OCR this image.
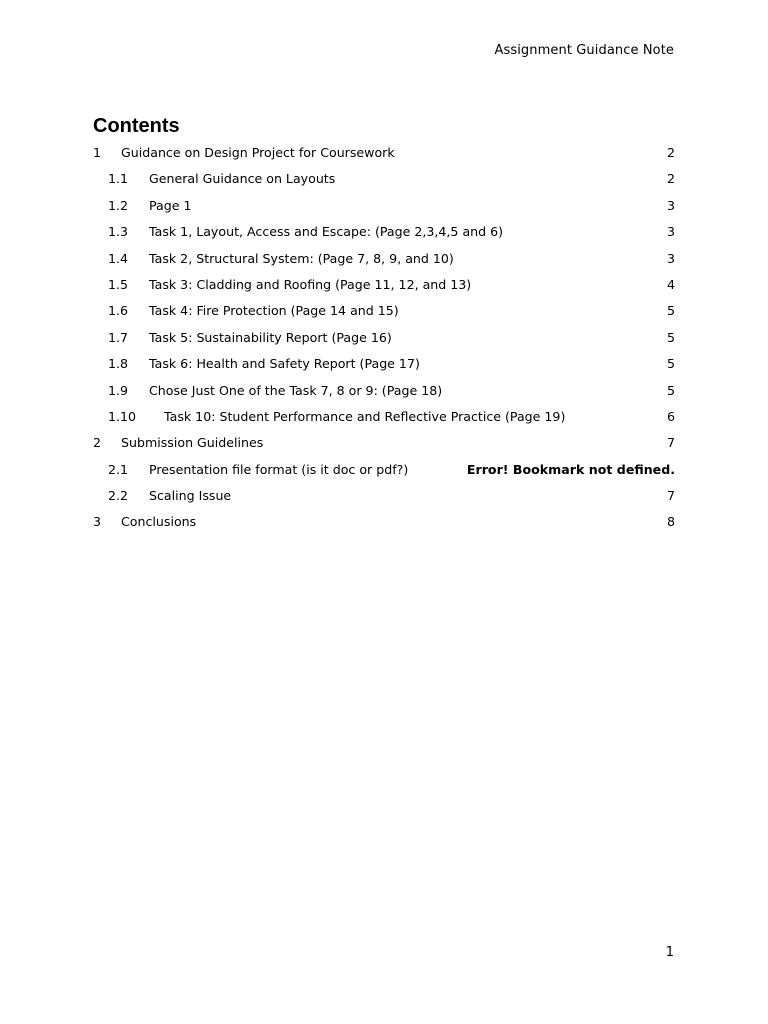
Assignment Guidance Note
Contents
1	Guidance on Design Project for Coursework	2
1.1	General Guidance on Layouts	2
1.2	Page 1	3
1.3	Task 1, Layout, Access and Escape: (Page 2,3,4,5 and 6)	3
1.4	Task 2, Structural System: (Page 7, 8, 9, and 10)	3
1.5	Task 3: Cladding and Roofing (Page 11, 12, and 13)	4
1.6	Task 4: Fire Protection (Page 14 and 15)	5
1.7	Task 5: Sustainability Report (Page 16)	5
1.8	Task 6: Health and Safety Report (Page 17)	5
1.9	Chose Just One of the Task 7, 8 or 9: (Page 18)	5
1.10	Task 10: Student Performance and Reflective Practice (Page 19)	6
2	Submission Guidelines	7
2.1	Presentation file format (is it doc or pdf?)	Error! Bookmark not defined.
2.2	Scaling Issue	7
3	Conclusions	8
1
